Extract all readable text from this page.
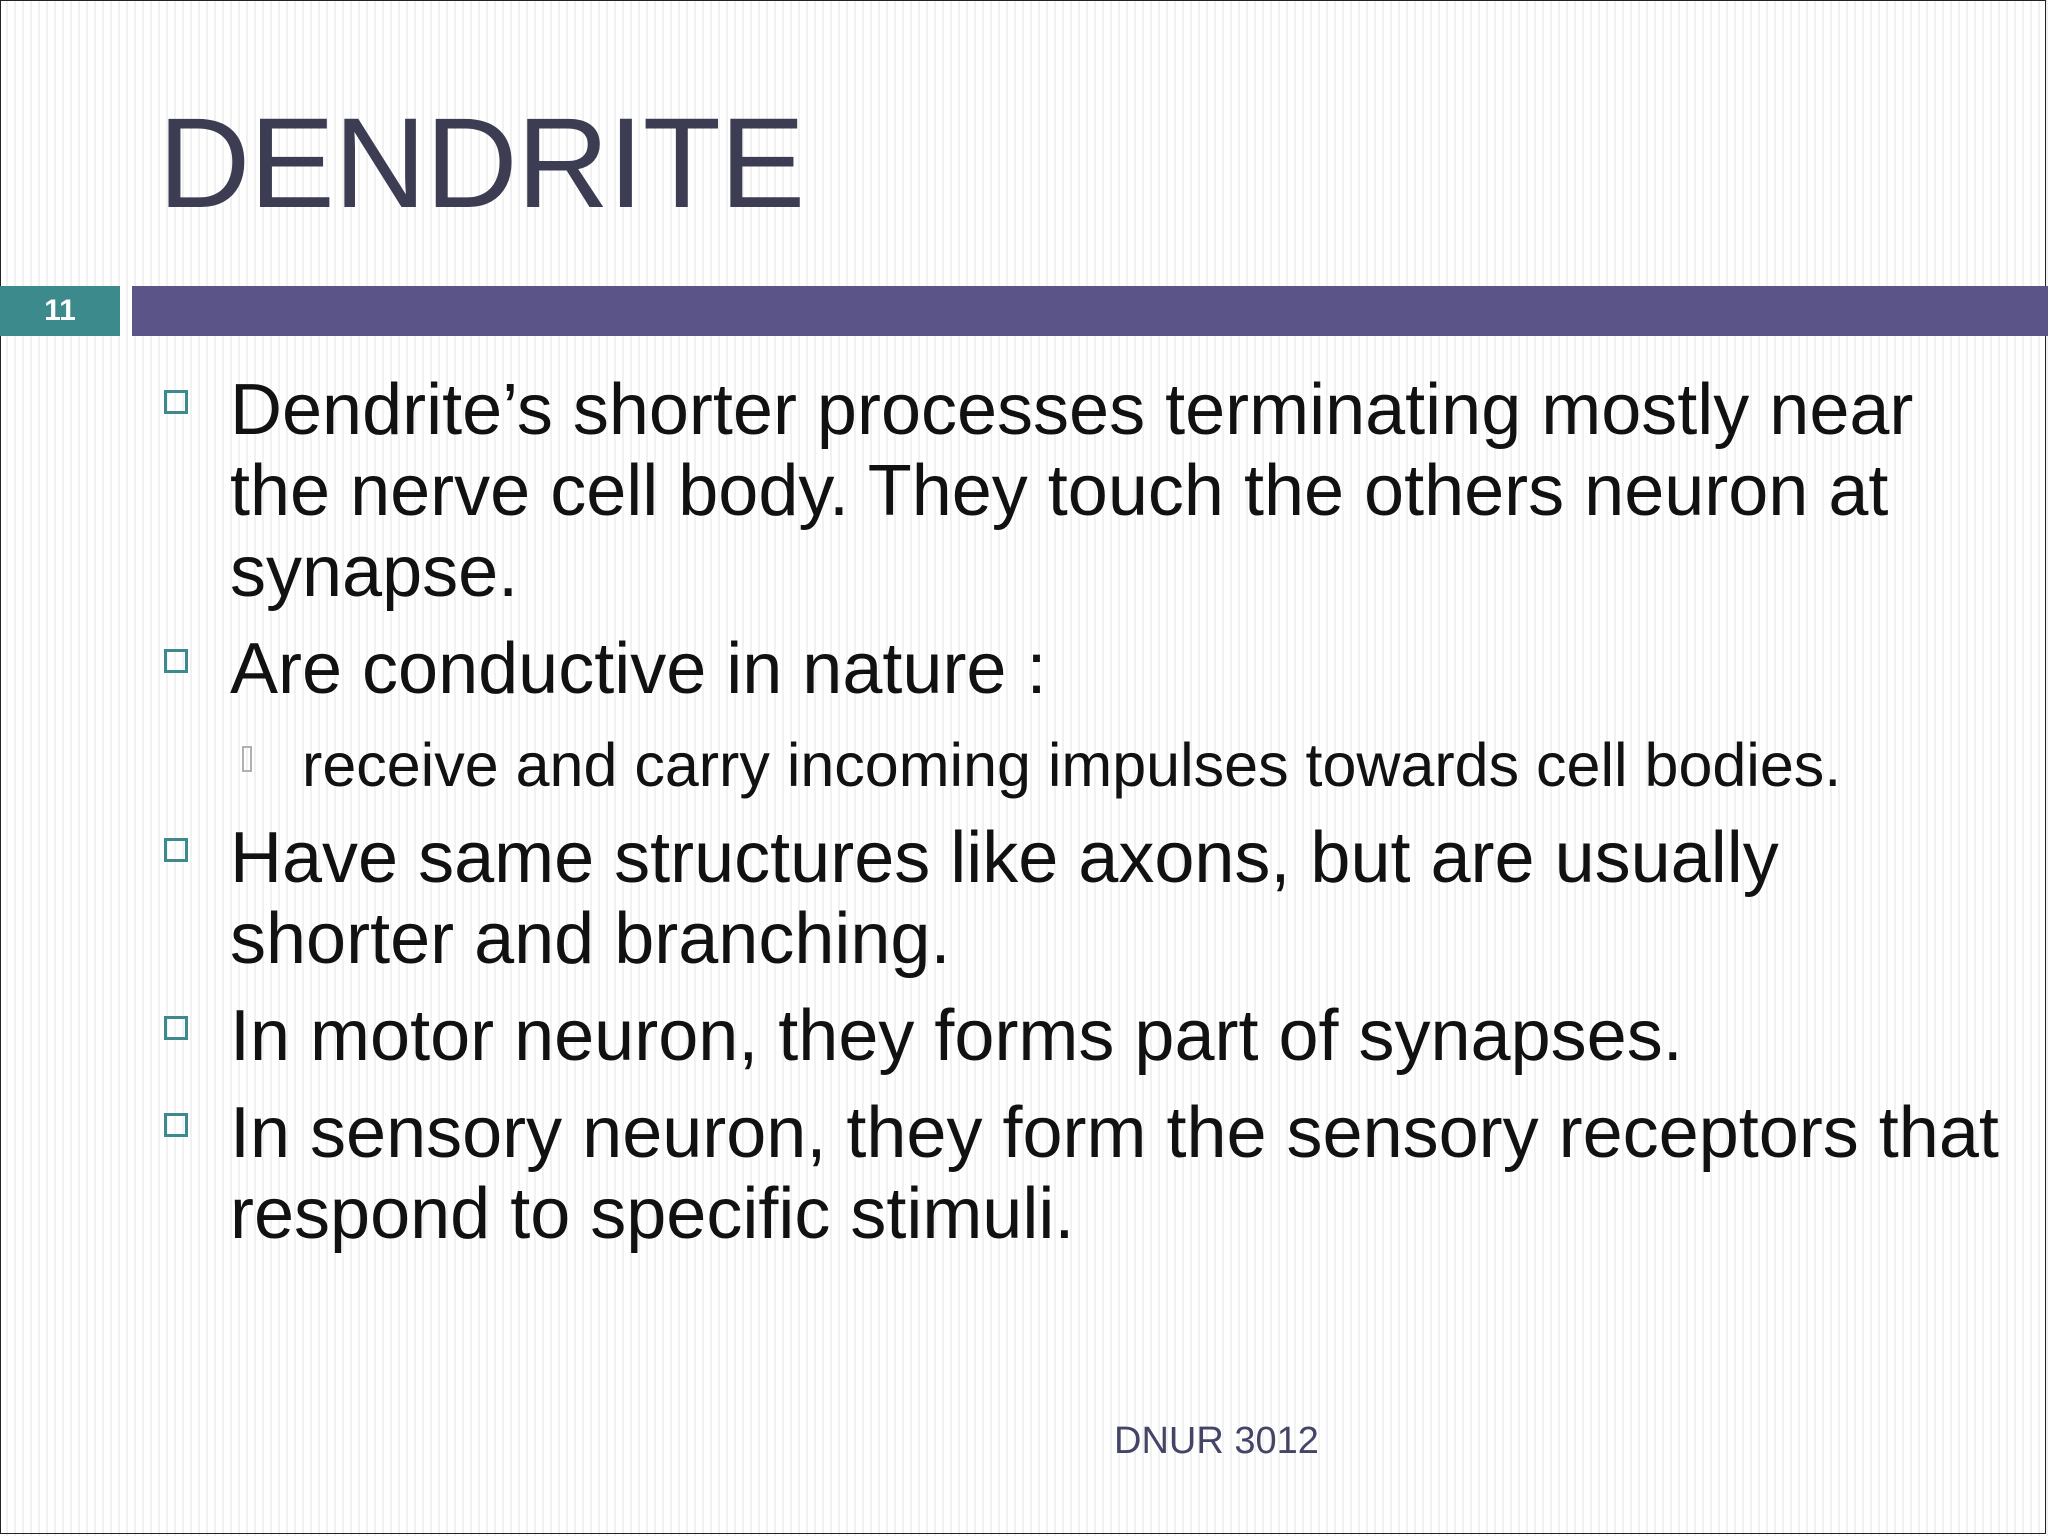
DENDRITE
11
Dendrite’s shorter processes terminating mostly near the nerve cell body. They touch the others neuron at synapse.
Are conductive in nature :
receive and carry incoming impulses towards cell bodies.
Have same structures like axons, but are usually shorter and branching.
In motor neuron, they forms part of synapses.
In sensory neuron, they form the sensory receptors that respond to specific stimuli.
DNUR 3012
